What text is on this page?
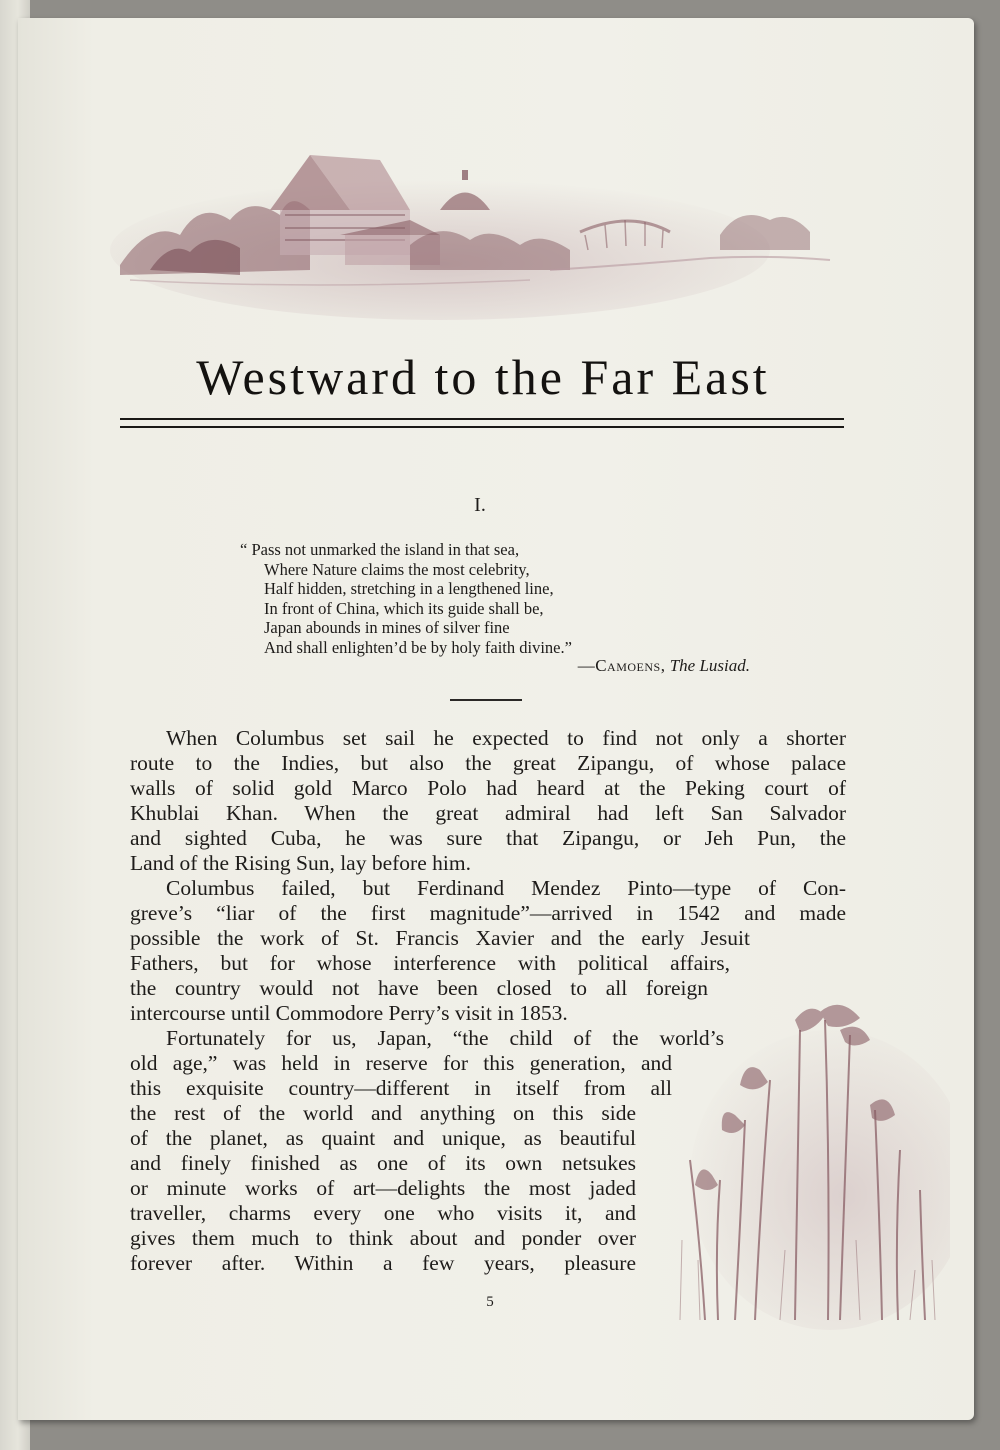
Westward to the Far East
I.
“ Pass not unmarked the island in that sea,
Where Nature claims the most celebrity,
Half hidden, stretching in a lengthened line,
In front of China, which its guide shall be,
Japan abounds in mines of silver fine
And shall enlighten’d be by holy faith divine.”
—Camoens, The Lusiad.
When Columbus set sail he expected to find not only a shorter
route to the Indies, but also the great Zipangu, of whose palace
walls of solid gold Marco Polo had heard at the Peking court of
Khublai Khan. When the great admiral had left San Salvador
and sighted Cuba, he was sure that Zipangu, or Jeh Pun, the
Land of the Rising Sun, lay before him.
Columbus failed, but Ferdinand Mendez Pinto—type of Con-
greve’s “liar of the first magnitude”—arrived in 1542 and made
possible the work of St. Francis Xavier and the early Jesuit
Fathers, but for whose interference with political affairs,
the country would not have been closed to all foreign
intercourse until Commodore Perry’s visit in 1853.
Fortunately for us, Japan, “the child of the world’s
old age,” was held in reserve for this generation, and
this exquisite country—different in itself from all
the rest of the world and anything on this side
of the planet, as quaint and unique, as beautiful
and finely finished as one of its own netsukes
or minute works of art—delights the most jaded
traveller, charms every one who visits it, and
gives them much to think about and ponder over
forever after. Within a few years, pleasure
5
